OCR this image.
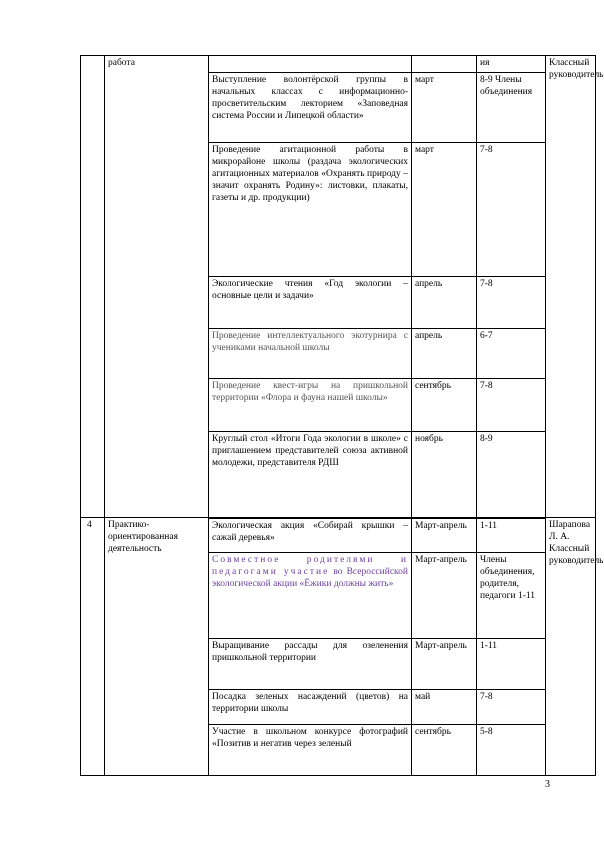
	работа			ия	Классный руководитель
		Выступление волонтёрской группы в начальных классах с информационно-просветительским лекторием «Заповедная система России и Липецкой области»	март	8-9 Члены объединения	
		Проведение агитационной работы в микрорайоне школы (раздача экологических агитационных материалов «Охранять природу – значит охранять Родину»: листовки, плакаты, газеты и др. продукции)	март	7-8	
		Экологические чтения «Год экологии – основные цели и задачи»	апрель	7-8	
		Проведение интеллектуального экотурнира с учениками начальной школы	апрель	6-7	
		Проведение квест-игры на пришкольной территории «Флора и фауна нашей школы»	сентябрь	7-8	
		Круглый стол «Итоги Года экологии в школе» с приглашением представителей союза активной молодежи, представителя РДШ	ноябрь	8-9	
4	Практико-ориентированная деятельность	Экологическая акция «Собирай крышки – сажай деревья»	Март-апрель	1-11	Шарапова Л. А. Классный руководитель
		Совместное родителями и педагогами участие во Всероссийской экологической акции «Ёжики должны жить»	Март-апрель	Члены объединения, родителя, педагоги 1-11	
		Выращивание рассады для озеленения пришкольной территории	Март-апрель	1-11	
		Посадка зеленых насаждений (цветов) на территории школы	май	7-8	
		Участие в школьном конкурсе фотографий «Позитив и негатив через зеленый	сентябрь	5-8	
3
